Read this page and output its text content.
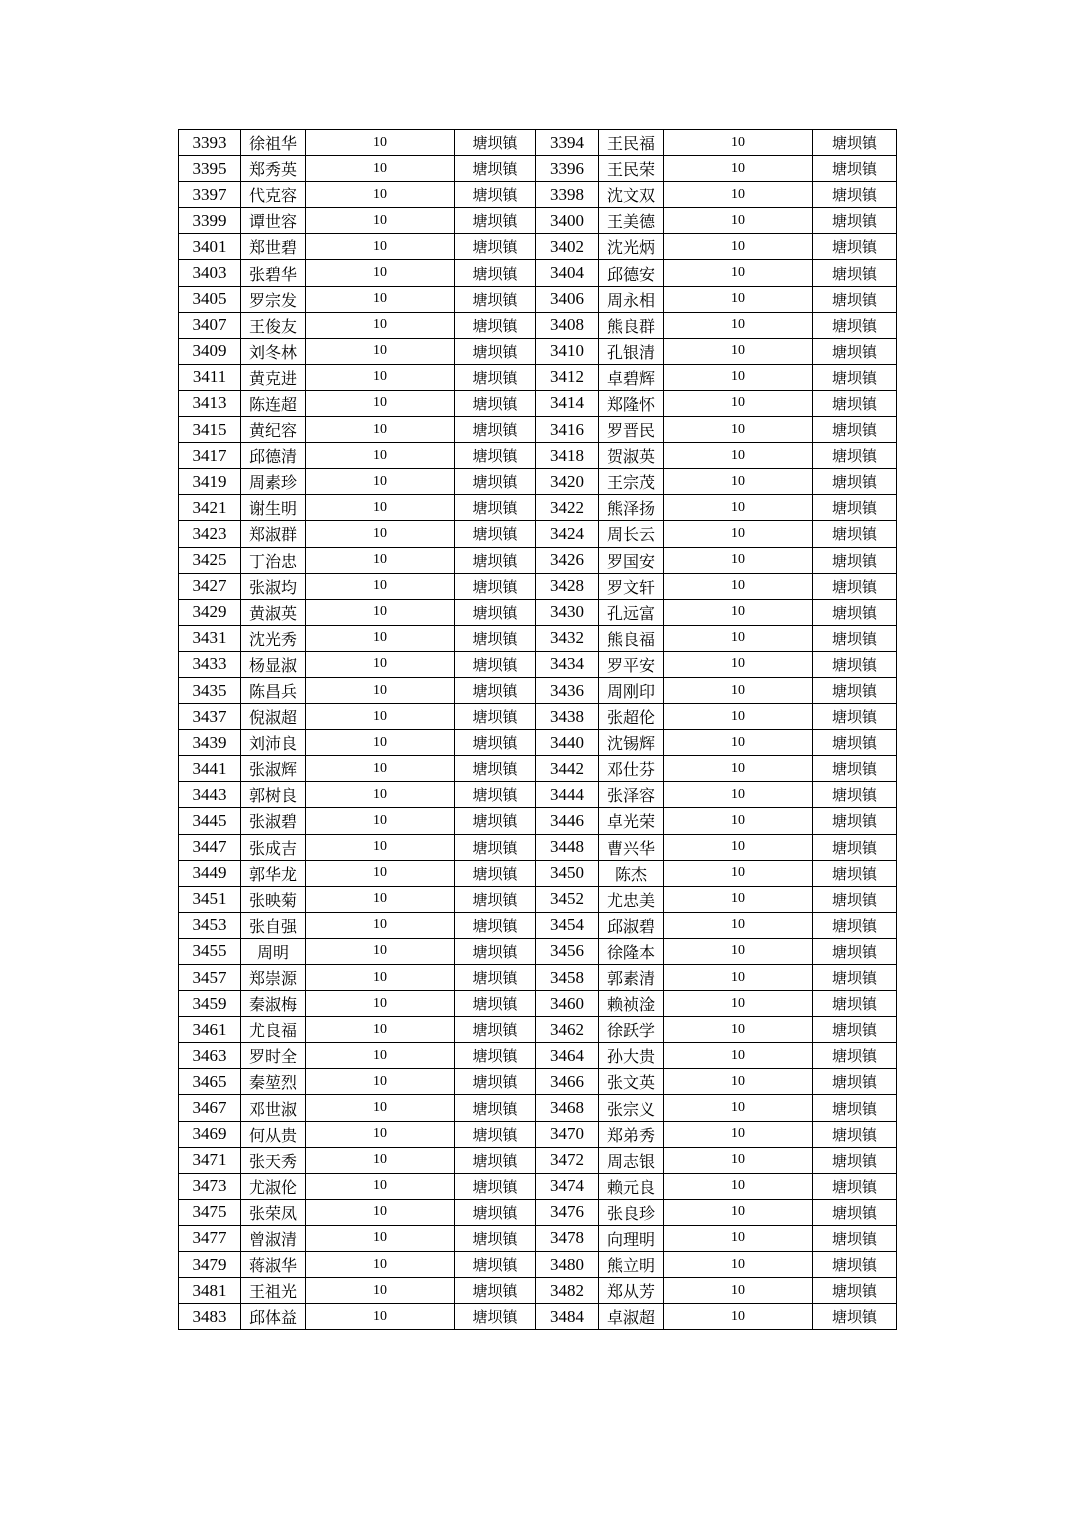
3393	徐祖华	10	塘坝镇	3394	王民福	10	塘坝镇
3395	郑秀英	10	塘坝镇	3396	王民荣	10	塘坝镇
3397	代克容	10	塘坝镇	3398	沈文双	10	塘坝镇
3399	谭世容	10	塘坝镇	3400	王美德	10	塘坝镇
3401	郑世碧	10	塘坝镇	3402	沈光炳	10	塘坝镇
3403	张碧华	10	塘坝镇	3404	邱德安	10	塘坝镇
3405	罗宗发	10	塘坝镇	3406	周永相	10	塘坝镇
3407	王俊友	10	塘坝镇	3408	熊良群	10	塘坝镇
3409	刘冬林	10	塘坝镇	3410	孔银清	10	塘坝镇
3411	黄克进	10	塘坝镇	3412	卓碧辉	10	塘坝镇
3413	陈连超	10	塘坝镇	3414	郑隆怀	10	塘坝镇
3415	黄纪容	10	塘坝镇	3416	罗晋民	10	塘坝镇
3417	邱德清	10	塘坝镇	3418	贺淑英	10	塘坝镇
3419	周素珍	10	塘坝镇	3420	王宗茂	10	塘坝镇
3421	谢生明	10	塘坝镇	3422	熊泽扬	10	塘坝镇
3423	郑淑群	10	塘坝镇	3424	周长云	10	塘坝镇
3425	丁治忠	10	塘坝镇	3426	罗国安	10	塘坝镇
3427	张淑均	10	塘坝镇	3428	罗文轩	10	塘坝镇
3429	黄淑英	10	塘坝镇	3430	孔远富	10	塘坝镇
3431	沈光秀	10	塘坝镇	3432	熊良福	10	塘坝镇
3433	杨显淑	10	塘坝镇	3434	罗平安	10	塘坝镇
3435	陈昌兵	10	塘坝镇	3436	周刚印	10	塘坝镇
3437	倪淑超	10	塘坝镇	3438	张超伦	10	塘坝镇
3439	刘沛良	10	塘坝镇	3440	沈锡辉	10	塘坝镇
3441	张淑辉	10	塘坝镇	3442	邓仕芬	10	塘坝镇
3443	郭树良	10	塘坝镇	3444	张泽容	10	塘坝镇
3445	张淑碧	10	塘坝镇	3446	卓光荣	10	塘坝镇
3447	张成吉	10	塘坝镇	3448	曹兴华	10	塘坝镇
3449	郭华龙	10	塘坝镇	3450	陈杰	10	塘坝镇
3451	张映菊	10	塘坝镇	3452	尤忠美	10	塘坝镇
3453	张自强	10	塘坝镇	3454	邱淑碧	10	塘坝镇
3455	周明	10	塘坝镇	3456	徐隆本	10	塘坝镇
3457	郑崇源	10	塘坝镇	3458	郭素清	10	塘坝镇
3459	秦淑梅	10	塘坝镇	3460	赖祯淦	10	塘坝镇
3461	尤良福	10	塘坝镇	3462	徐跃学	10	塘坝镇
3463	罗时全	10	塘坝镇	3464	孙大贵	10	塘坝镇
3465	秦堃烈	10	塘坝镇	3466	张文英	10	塘坝镇
3467	邓世淑	10	塘坝镇	3468	张宗义	10	塘坝镇
3469	何从贵	10	塘坝镇	3470	郑弟秀	10	塘坝镇
3471	张天秀	10	塘坝镇	3472	周志银	10	塘坝镇
3473	尤淑伦	10	塘坝镇	3474	赖元良	10	塘坝镇
3475	张荣凤	10	塘坝镇	3476	张良珍	10	塘坝镇
3477	曾淑清	10	塘坝镇	3478	向理明	10	塘坝镇
3479	蒋淑华	10	塘坝镇	3480	熊立明	10	塘坝镇
3481	王祖光	10	塘坝镇	3482	郑从芳	10	塘坝镇
3483	邱体益	10	塘坝镇	3484	卓淑超	10	塘坝镇
